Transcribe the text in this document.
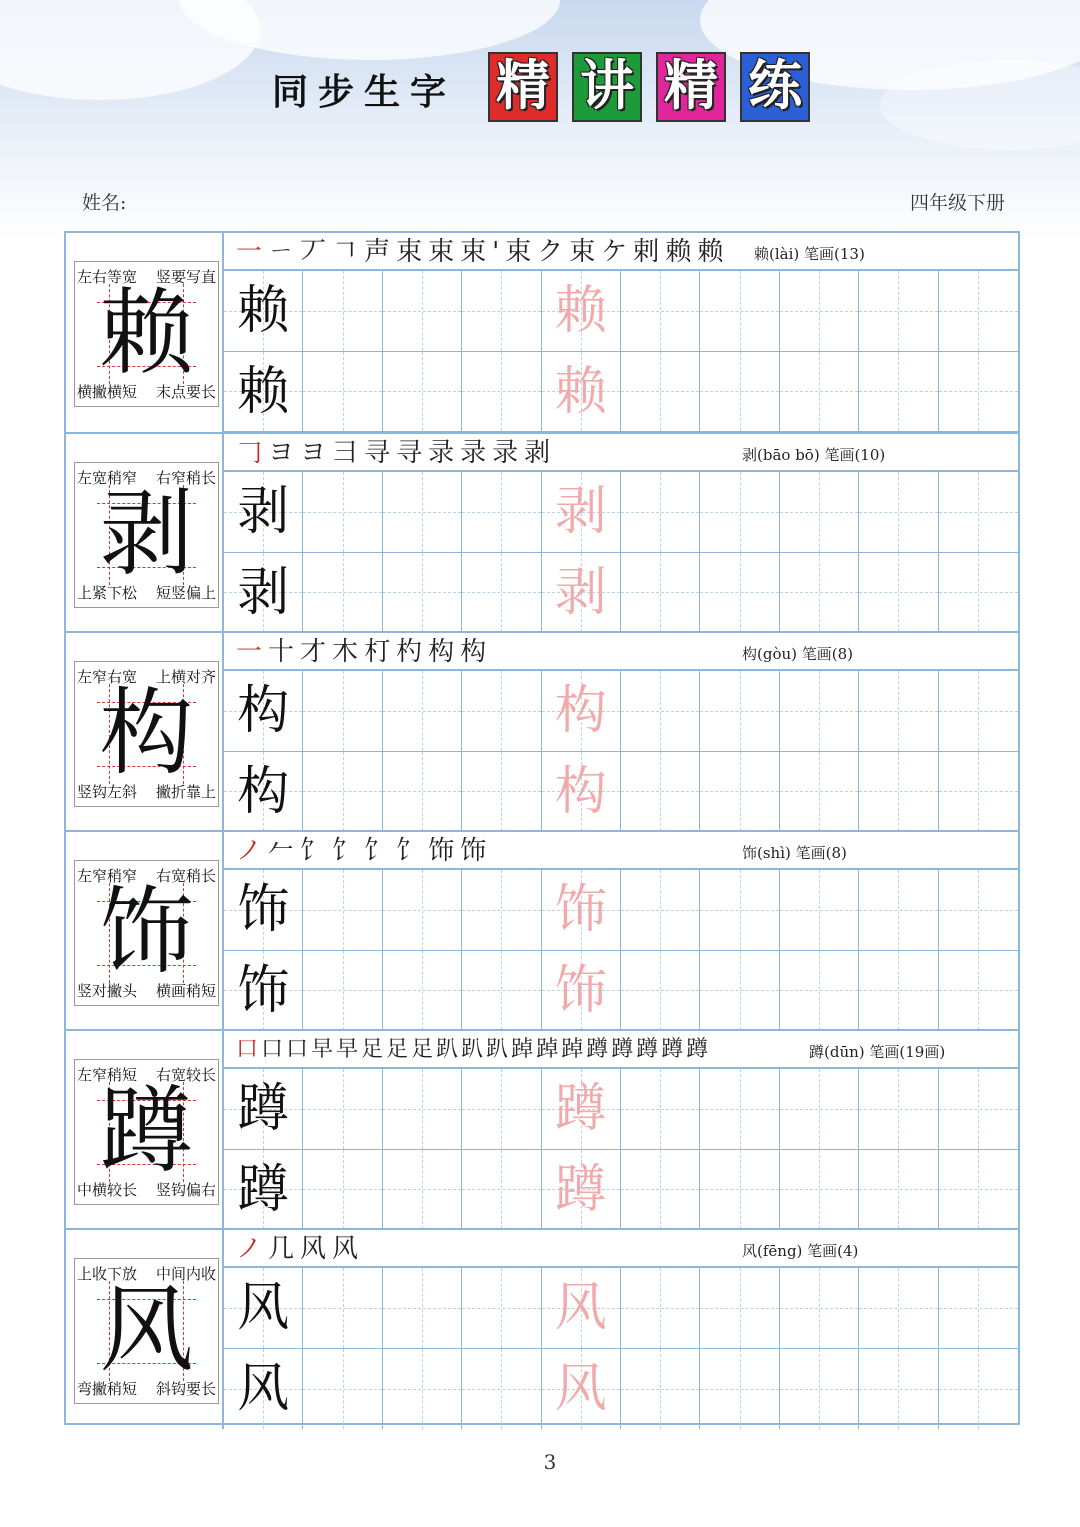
同步生字 精 讲 精 练
姓名:	四年级下册
左右等宽 竖要写直
横撇横短 末点要长
赖
一ㄧ丆𠃍声束束束'束ク束ケ剌赖赖 赖(lài) 笔画(13)
赖	赖
赖	赖
左宽稍窄 右窄稍长
上紧下松 短竖偏上
剥
𠃌ヨヨ彐寻寻录录录剥	剥(bāo bō) 笔画(10)
剥	剥
剥	剥
左窄右宽 上横对齐
竖钩左斜 撇折靠上
构
一十才木朾杓构构	构(gòu) 笔画(8)
构	构
构	构
左窄稍窄 右宽稍长
竖对撇头 横画稍短
饰
ノ𠂉饣饣饣饣饰饰	饰(shì) 笔画(8)
饰	饰
饰	饰
左窄稍短 右宽较长
中横较长 竖钩偏右
蹲
口口口早早足足足趴趴趴踔踔踔蹲蹲蹲蹲蹲	蹲(dūn) 笔画(19画)
蹲	蹲
蹲	蹲
上收下放 中间内收
弯撇稍短 斜钩要长
风
ノ几风风	风(fēng) 笔画(4)
风	风
风	风
3
